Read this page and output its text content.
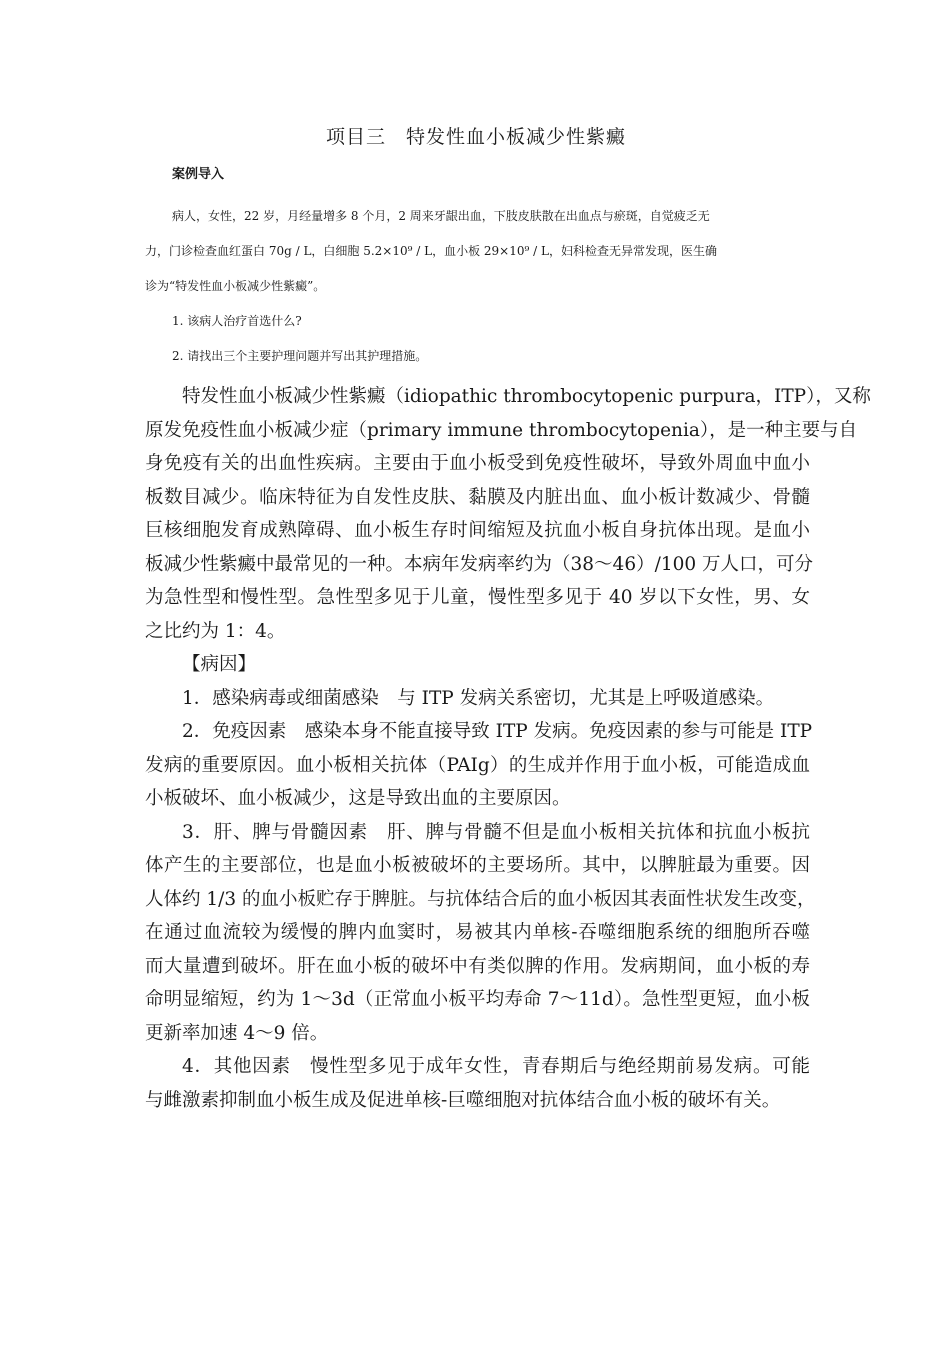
项目三　特发性血小板减少性紫癜
案例导入
病人，女性，22 岁，月经量增多 8 个月，2 周来牙龈出血，下肢皮肤散在出血点与瘀斑，自觉疲乏无
力，门诊检查血红蛋白 70g / L，白细胞 5.2×10⁹ / L，血小板 29×10⁹ / L，妇科检查无异常发现，医生确
诊为“特发性血小板减少性紫癜”。
1. 该病人治疗首选什么?
2. 请找出三个主要护理问题并写出其护理措施。
特发性血小板减少性紫癜（idiopathic thrombocytopenic purpura，ITP），又称
原发免疫性血小板减少症（primary immune thrombocytopenia），是一种主要与自
身免疫有关的出血性疾病。主要由于血小板受到免疫性破坏，导致外周血中血小
板数目减少。临床特征为自发性皮肤、黏膜及内脏出血、血小板计数减少、骨髓
巨核细胞发育成熟障碍、血小板生存时间缩短及抗血小板自身抗体出现。是血小
板减少性紫癜中最常见的一种。本病年发病率约为（38～46）/100 万人口，可分
为急性型和慢性型。急性型多见于儿童，慢性型多见于 40 岁以下女性，男、女
之比约为 1：4。
【病因】
1．感染病毒或细菌感染　与 ITP 发病关系密切，尤其是上呼吸道感染。
2．免疫因素　感染本身不能直接导致 ITP 发病。免疫因素的参与可能是 ITP
发病的重要原因。血小板相关抗体（PAIg）的生成并作用于血小板，可能造成血
小板破坏、血小板减少，这是导致出血的主要原因。
3．肝、脾与骨髓因素　肝、脾与骨髓不但是血小板相关抗体和抗血小板抗
体产生的主要部位，也是血小板被破坏的主要场所。其中，以脾脏最为重要。因
人体约 1/3 的血小板贮存于脾脏。与抗体结合后的血小板因其表面性状发生改变，
在通过血流较为缓慢的脾内血窦时，易被其内单核-吞噬细胞系统的细胞所吞噬
而大量遭到破坏。肝在血小板的破坏中有类似脾的作用。发病期间，血小板的寿
命明显缩短，约为 1～3d（正常血小板平均寿命 7～11d）。急性型更短，血小板
更新率加速 4～9 倍。
4．其他因素　慢性型多见于成年女性，青春期后与绝经期前易发病。可能
与雌激素抑制血小板生成及促进单核-巨噬细胞对抗体结合血小板的破坏有关。
